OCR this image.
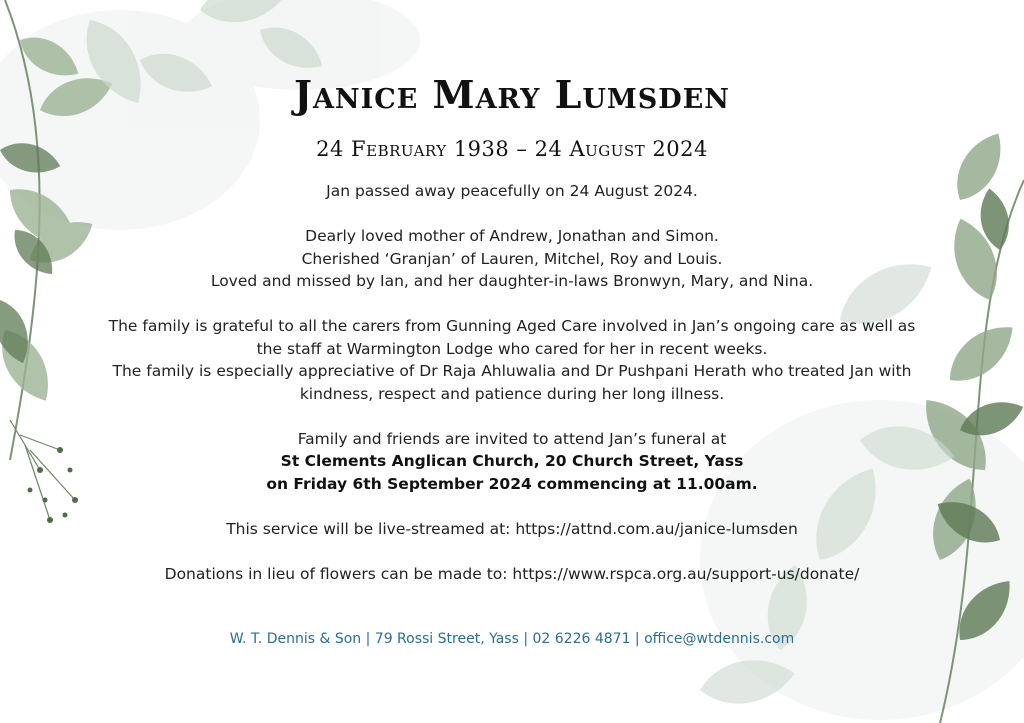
Janice Mary Lumsden

24 February 1938 – 24 August 2024

Jan passed away peacefully on 24 August 2024.

Dearly loved mother of Andrew, Jonathan and Simon.

Cherished ‘Granjan’ of Lauren, Mitchel, Roy and Louis.

Loved and missed by Ian, and her daughter-in-laws Bronwyn, Mary, and Nina.

The family is grateful to all the carers from Gunning Aged Care involved in Jan’s ongoing care as well as

the staff at Warmington Lodge who cared for her in recent weeks.

The family is especially appreciative of Dr Raja Ahluwalia and Dr Pushpani Herath who treated Jan with

kindness, respect and patience during her long illness.

Family and friends are invited to attend Jan’s funeral at

St Clements Anglican Church, 20 Church Street, Yass

on Friday 6th September 2024 commencing at 11.00am.

This service will be live-streamed at: https://attnd.com.au/janice-lumsden

Donations in lieu of flowers can be made to: https://www.rspca.org.au/support-us/donate/

W. T. Dennis & Son | 79 Rossi Street, Yass | 02 6226 4871 | office@wtdennis.com
